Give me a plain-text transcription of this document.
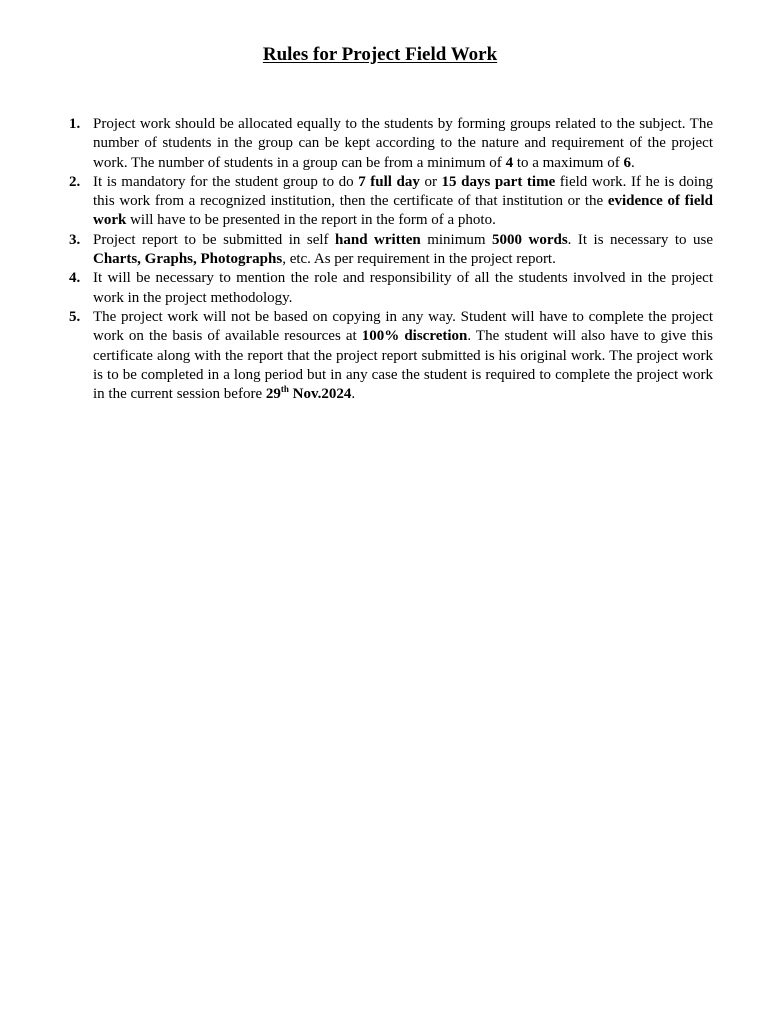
Rules for Project Field Work
1. Project work should be allocated equally to the students by forming groups related to the subject. The number of students in the group can be kept according to the nature and requirement of the project work. The number of students in a group can be from a minimum of 4 to a maximum of 6.
2. It is mandatory for the student group to do 7 full day or 15 days part time field work. If he is doing this work from a recognized institution, then the certificate of that institution or the evidence of field work will have to be presented in the report in the form of a photo.
3. Project report to be submitted in self hand written minimum 5000 words. It is necessary to use Charts, Graphs, Photographs, etc. As per requirement in the project report.
4. It will be necessary to mention the role and responsibility of all the students involved in the project work in the project methodology.
5. The project work will not be based on copying in any way. Student will have to complete the project work on the basis of available resources at 100% discretion. The student will also have to give this certificate along with the report that the project report submitted is his original work. The project work is to be completed in a long period but in any case the student is required to complete the project work in the current session before 29th Nov.2024.
